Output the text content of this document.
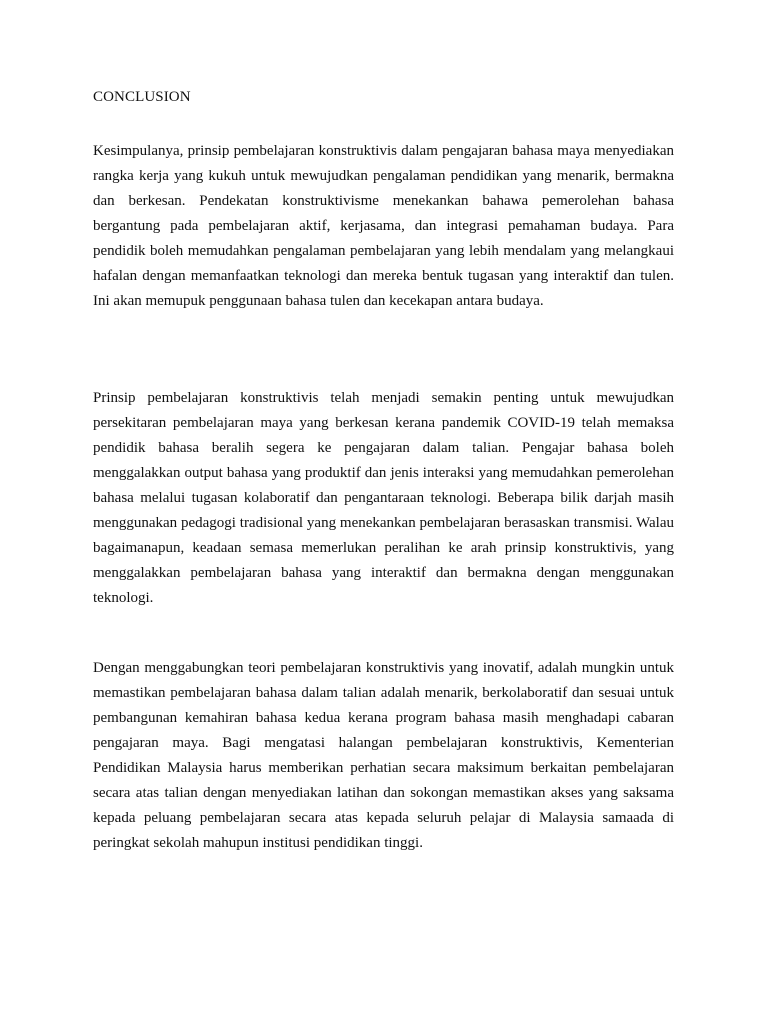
CONCLUSION

Kesimpulanya, prinsip pembelajaran konstruktivis dalam pengajaran bahasa maya menyediakan rangka kerja yang kukuh untuk mewujudkan pengalaman pendidikan yang menarik, bermakna dan berkesan. Pendekatan konstruktivisme menekankan bahawa pemerolehan bahasa bergantung pada pembelajaran aktif, kerjasama, dan integrasi pemahaman budaya. Para pendidik boleh memudahkan pengalaman pembelajaran yang lebih mendalam yang melangkaui hafalan dengan memanfaatkan teknologi dan mereka bentuk tugasan yang interaktif dan tulen. Ini akan memupuk penggunaan bahasa tulen dan kecekapan antara budaya.

Prinsip pembelajaran konstruktivis telah menjadi semakin penting untuk mewujudkan persekitaran pembelajaran maya yang berkesan kerana pandemik COVID-19 telah memaksa pendidik bahasa beralih segera ke pengajaran dalam talian. Pengajar bahasa boleh menggalakkan output bahasa yang produktif dan jenis interaksi yang memudahkan pemerolehan bahasa melalui tugasan kolaboratif dan pengantaraan teknologi. Beberapa bilik darjah masih menggunakan pedagogi tradisional yang menekankan pembelajaran berasaskan transmisi. Walau bagaimanapun, keadaan semasa memerlukan peralihan ke arah prinsip konstruktivis, yang menggalakkan pembelajaran bahasa yang interaktif dan bermakna dengan menggunakan teknologi.

Dengan menggabungkan teori pembelajaran konstruktivis yang inovatif, adalah mungkin untuk memastikan pembelajaran bahasa dalam talian adalah menarik, berkolaboratif dan sesuai untuk pembangunan kemahiran bahasa kedua kerana program bahasa masih menghadapi cabaran pengajaran maya. Bagi mengatasi halangan pembelajaran konstruktivis, Kementerian Pendidikan Malaysia harus memberikan perhatian secara maksimum berkaitan pembelajaran secara atas talian dengan menyediakan latihan dan sokongan memastikan akses yang saksama kepada peluang pembelajaran secara atas kepada seluruh pelajar di Malaysia samaada di peringkat sekolah mahupun institusi pendidikan tinggi.
